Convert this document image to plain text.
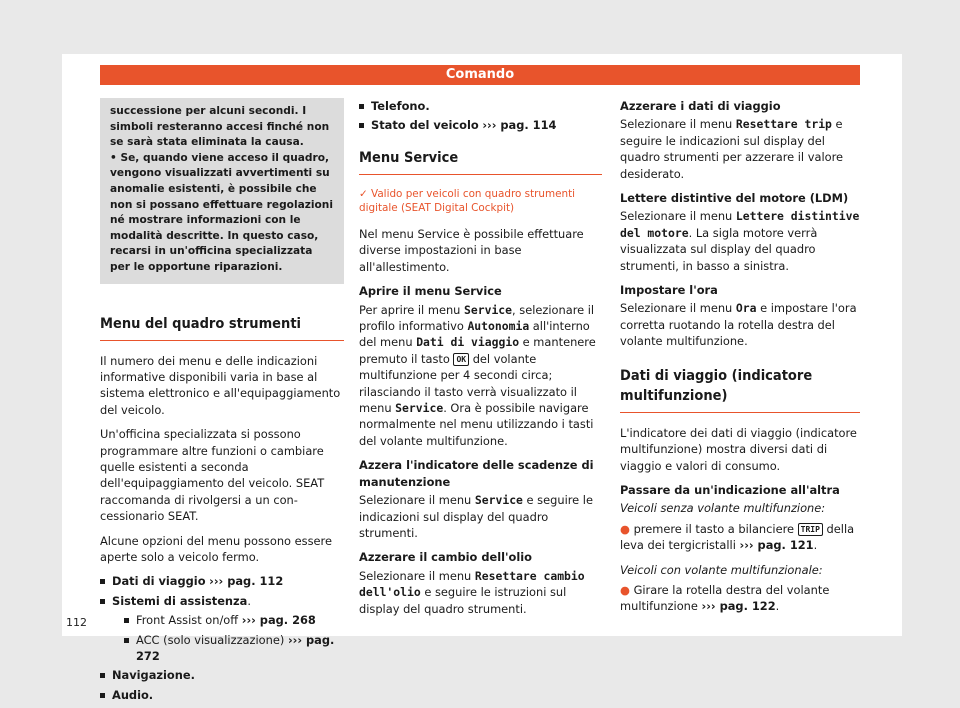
Comando

successione per alcuni secondi. I simboli resteranno accesi finché non se sarà stata eliminata la causa.

• Se, quando viene acceso il quadro, vengono visualizzati avvertimenti su anomalie esistenti, è possibile che non si possano effettuare regolazioni né mostrare informazioni con le modalità descritte. In questo caso, recarsi in un'officina specializzata per le opportune riparazioni.

Menu del quadro strumenti

Il numero dei menu e delle indicazioni informative disponibili varia in base al sistema elettronico e all'equipaggiamento del veicolo.

Un'officina specializzata si possono programmare altre funzioni o cambiare quelle esistenti a seconda dell'equipaggiamento del veicolo. SEAT raccomanda di rivolgersi a un concessionario SEAT.

Alcune opzioni del menu possono essere aperte solo a veicolo fermo.

Dati di viaggio ››› pag. 112
Sistemi di assistenza.
Front Assist on/off ››› pag. 268
ACC (solo visualizzazione) ››› pag. 272
Navigazione.
Audio.
Telefono.
Stato del veicolo ››› pag. 114
Menu Service
✓ Valido per veicoli con quadro strumenti digitale (SEAT Digital Cockpit)

Nel menu Service è possibile effettuare diverse impostazioni in base all'allestimento.

Aprire il menu Service

Per aprire il menu Service, selezionare il profilo informativo Autonomia all'interno del menu Dati di viaggio e mantenere premuto il tasto OK del volante multifunzione per 4 secondi circa; rilasciando il tasto verrà visualizzato il menu Service. Ora è possibile navigare normalmente nel menu utilizzando i tasti del volante multifunzione.

Azzera l'indicatore delle scadenze di manutenzione

Selezionare il menu Service e seguire le indicazioni sul display del quadro strumenti.

Azzerare il cambio dell'olio

Selezionare il menu Resettare cambio dell'olio e seguire le istruzioni sul display del quadro strumenti.

Azzerare i dati di viaggio

Selezionare il menu Resettare trip e seguire le indicazioni sul display del quadro strumenti per azzerare il valore desiderato.

Lettere distintive del motore (LDM)

Selezionare il menu Lettere distintive del motore. La sigla motore verrà visualizzata sul display del quadro strumenti, in basso a sinistra.

Impostare l'ora

Selezionare il menu Ora e impostare l'ora corretta ruotando la rotella destra del volante multifunzione.

Dati di viaggio (indicatore multifunzione)

L'indicatore dei dati di viaggio (indicatore multifunzione) mostra diversi dati di viaggio e valori di consumo.

Passare da un'indicazione all'altra

Veicoli senza volante multifunzione:

● premere il tasto a bilanciere TRIP della leva dei tergicristalli ››› pag. 121.

Veicoli con volante multifunzionale:

● Girare la rotella destra del volante multifunzione ››› pag. 122.

112
